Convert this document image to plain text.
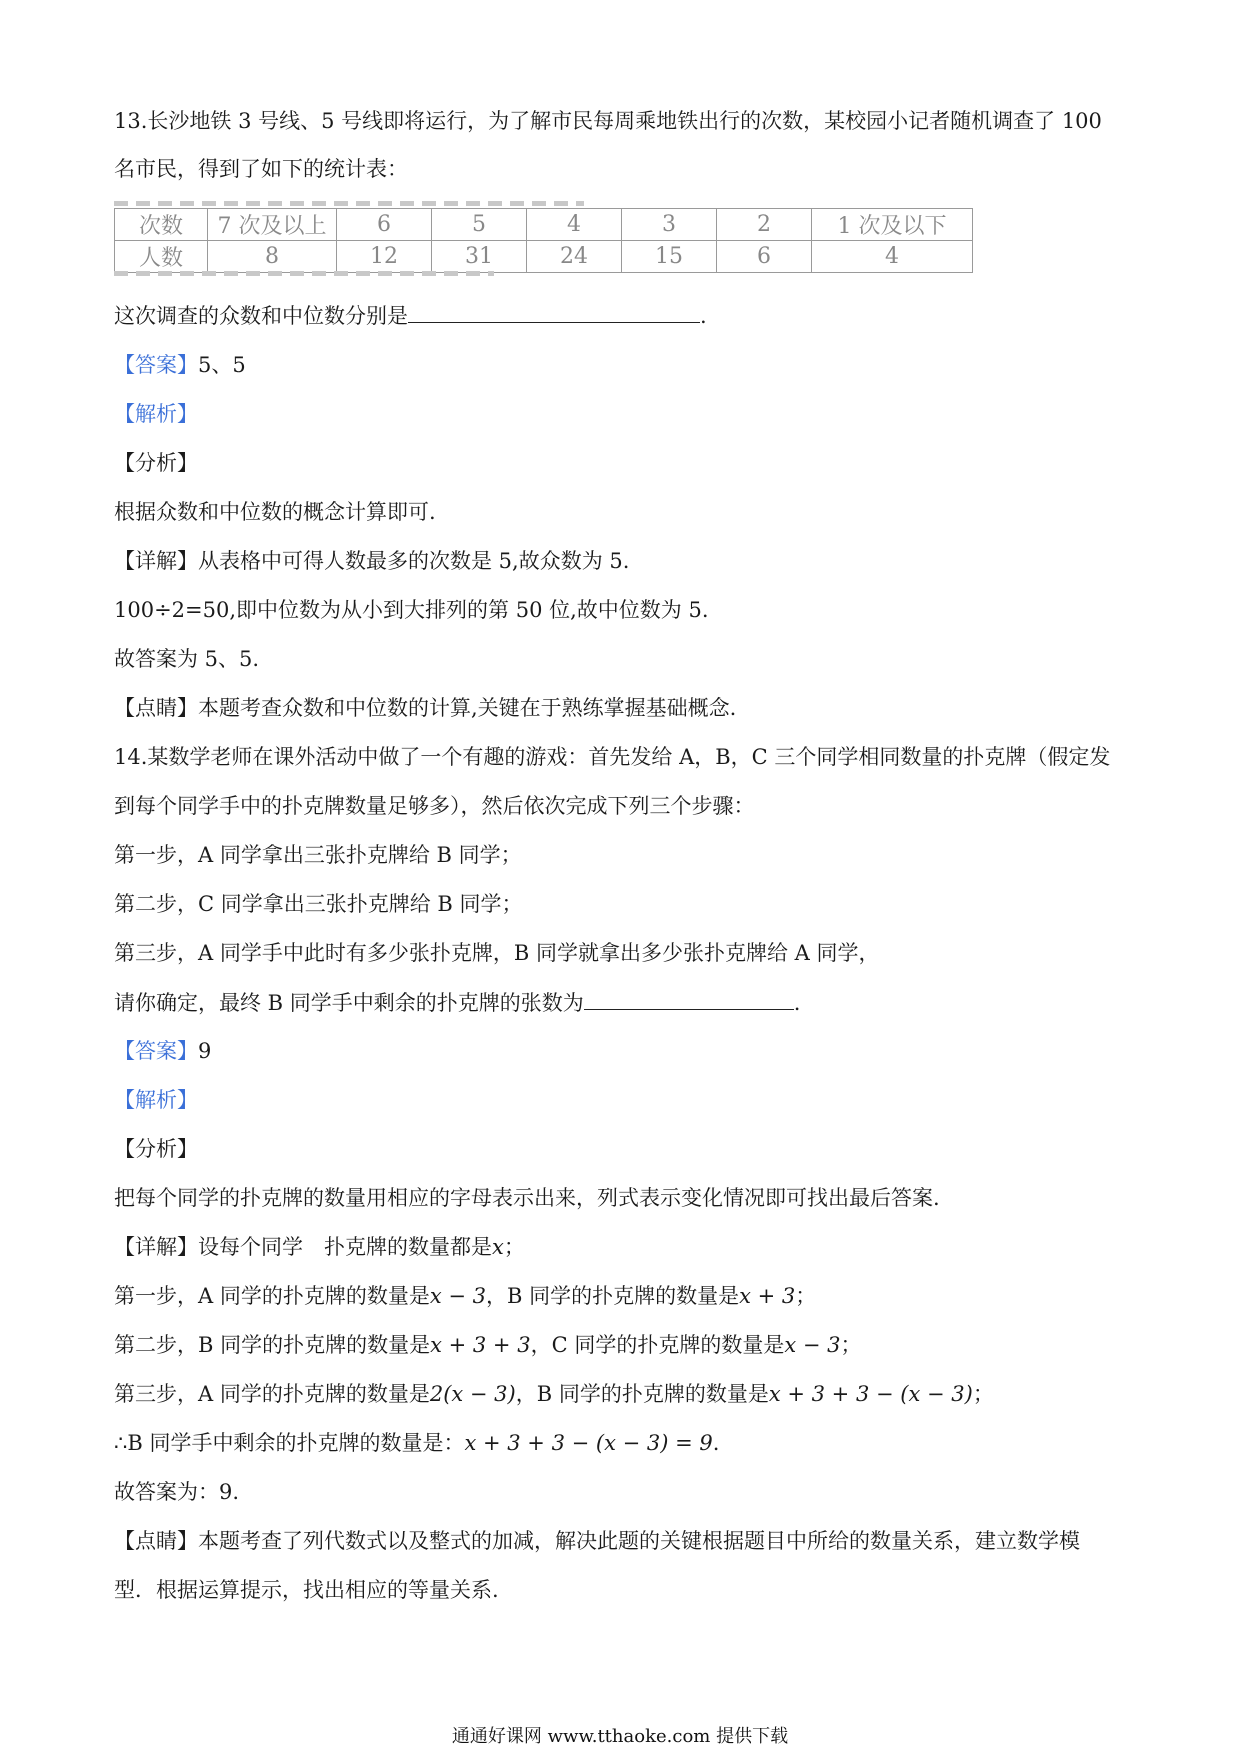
13.长沙地铁 3 号线、5 号线即将运行，为了解市民每周乘地铁出行的次数，某校园小记者随机调查了 100
名市民，得到了如下的统计表：
次数	7 次及以上	6	5	4	3	2	1 次及以下
人数	8	12	31	24	15	6	4
这次调查的众数和中位数分别是	.
【答案】5、5
【解析】
【分析】
根据众数和中位数的概念计算即可.
【详解】从表格中可得人数最多的次数是 5,故众数为 5.
100÷2=50,即中位数为从小到大排列的第 50 位,故中位数为 5.
故答案为 5、5.
【点睛】本题考查众数和中位数的计算,关键在于熟练掌握基础概念.
14.某数学老师在课外活动中做了一个有趣的游戏：首先发给 A，B，C 三个同学相同数量的扑克牌（假定发
到每个同学手中的扑克牌数量足够多），然后依次完成下列三个步骤：
第一步，A 同学拿出三张扑克牌给 B 同学；
第二步，C 同学拿出三张扑克牌给 B 同学；
第三步，A 同学手中此时有多少张扑克牌，B 同学就拿出多少张扑克牌给 A 同学，
请你确定，最终 B 同学手中剩余的扑克牌的张数为	.
【答案】9
【解析】
【分析】
把每个同学的扑克牌的数量用相应的字母表示出来，列式表示变化情况即可找出最后答案.
【详解】设每个同学　扑克牌的数量都是x；
第一步，A 同学的扑克牌的数量是x − 3，B 同学的扑克牌的数量是x + 3；
第二步，B 同学的扑克牌的数量是x + 3 + 3，C 同学的扑克牌的数量是x − 3；
第三步，A 同学的扑克牌的数量是2(x − 3)，B 同学的扑克牌的数量是x + 3 + 3 − (x − 3)；
∴B 同学手中剩余的扑克牌的数量是：x + 3 + 3 − (x − 3) = 9.
故答案为：9.
【点睛】本题考查了列代数式以及整式的加减，解决此题的关键根据题目中所给的数量关系，建立数学模
型．根据运算提示，找出相应的等量关系.
通通好课网 www.tthaoke.com 提供下载
